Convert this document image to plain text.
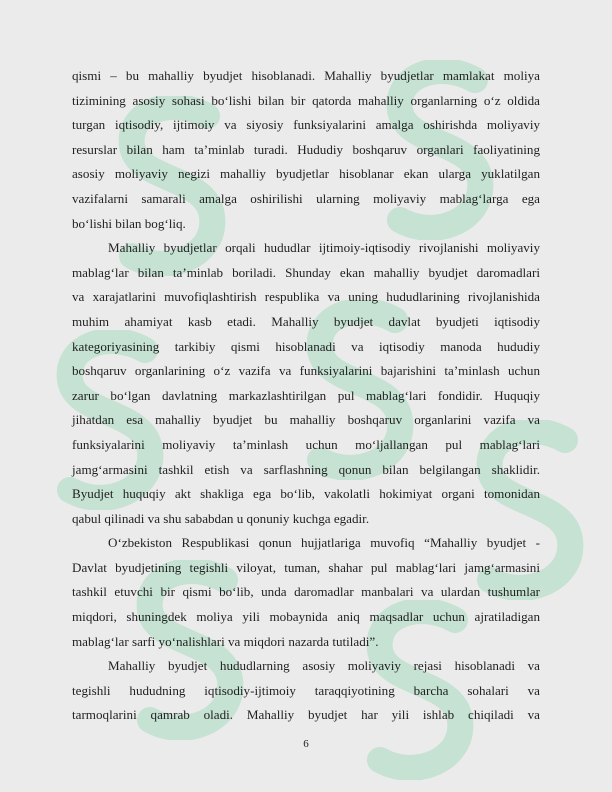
qismi – bu mahalliy byudjet hisoblanadi. Mahalliy byudjetlar mamlakat moliya
tizimining asosiy sohasi bo‘lishi bilan bir qatorda mahalliy organlarning o‘z oldida
turgan iqtisodiy, ijtimoiy va siyosiy funksiyalarini amalga oshirishda moliyaviy
resurslar bilan ham ta’minlab turadi. Hududiy boshqaruv organlari faoliyatining
asosiy moliyaviy negizi mahalliy byudjetlar hisoblanar ekan ularga yuklatilgan
vazifalarni samarali amalga oshirilishi ularning moliyaviy mablag‘larga ega
bo‘lishi bilan bog‘liq.

Mahalliy byudjetlar orqali hududlar ijtimoiy-iqtisodiy rivojlanishi moliyaviy
mablag‘lar bilan ta’minlab boriladi. Shunday ekan mahalliy byudjet daromadlari
va xarajatlarini muvofiqlashtirish respublika va uning hududlarining rivojlanishida
muhim ahamiyat kasb etadi. Mahalliy byudjet davlat byudjeti iqtisodiy
kategoriyasining tarkibiy qismi hisoblanadi va iqtisodiy manoda hududiy
boshqaruv organlarining o‘z vazifa va funksiyalarini bajarishini ta’minlash uchun
zarur bo‘lgan davlatning markazlashtirilgan pul mablag‘lari fondidir. Huquqiy
jihatdan esa mahalliy byudjet bu mahalliy boshqaruv organlarini vazifa va
funksiyalarini moliyaviy ta’minlash uchun mo‘ljallangan pul mablag‘lari
jamg‘armasini tashkil etish va sarflashning qonun bilan belgilangan shaklidir.
Byudjet huquqiy akt shakliga ega bo‘lib, vakolatli hokimiyat organi tomonidan
qabul qilinadi va shu sababdan u qonuniy kuchga egadir.

O‘zbekiston Respublikasi qonun hujjatlariga muvofiq “Mahalliy byudjet -
Davlat byudjetining tegishli viloyat, tuman, shahar pul mablag‘lari jamg‘armasini
tashkil etuvchi bir qismi bo‘lib, unda daromadlar manbalari va ulardan tushumlar
miqdori, shuningdek moliya yili mobaynida aniq maqsadlar uchun ajratiladigan
mablag‘lar sarfi yo‘nalishlari va miqdori nazarda tutiladi”.

Mahalliy byudjet hududlarning asosiy moliyaviy rejasi hisoblanadi va
tegishli hududning iqtisodiy-ijtimoiy taraqqiyotining barcha sohalari va
tarmoqlarini qamrab oladi. Mahalliy byudjet har yili ishlab chiqiladi va

6
